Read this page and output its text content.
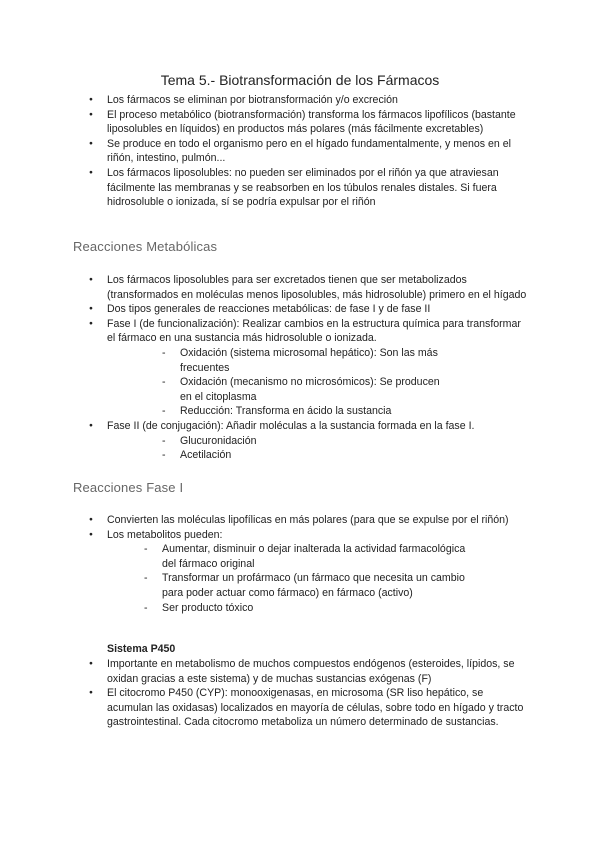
Tema 5.- Biotransformación de los Fármacos
● Los fármacos se eliminan por biotransformación y/o excreción
● El proceso metabólico (biotransformación) transforma los fármacos lipofílicos (bastante liposolubles en líquidos) en productos más polares (más fácilmente excretables)
● Se produce en todo el organismo pero en el hígado fundamentalmente, y menos en el riñón, intestino, pulmón...
● Los fármacos liposolubles: no pueden ser eliminados por el riñón ya que atraviesan fácilmente las membranas y se reabsorben en los túbulos renales distales. Si fuera hidrosoluble o ionizada, sí se podría expulsar por el riñón
Reacciones Metabólicas
● Los fármacos liposolubles para ser excretados tienen que ser metabolizados (transformados en moléculas menos liposolubles, más hidrosoluble) primero en el hígado
● Dos tipos generales de reacciones metabólicas: de fase I y de fase II
● Fase I (de funcionalización): Realizar cambios en la estructura química para transformar el fármaco en una sustancia más hidrosoluble o ionizada.
- Oxidación (sistema microsomal hepático): Son las más frecuentes
- Oxidación (mecanismo no microsómicos): Se producen en el citoplasma
- Reducción: Transforma en ácido la sustancia
● Fase II (de conjugación): Añadir moléculas a la sustancia formada en la fase I.
- Glucuronidación
- Acetilación
Reacciones Fase I
● Convierten las moléculas lipofílicas en más polares (para que se expulse por el riñón)
● Los metabolitos pueden:
- Aumentar, disminuir o dejar inalterada la actividad farmacológica del fármaco original
- Transformar un profármaco (un fármaco que necesita un cambio para poder actuar como fármaco) en fármaco (activo)
- Ser producto tóxico
Sistema P450
● Importante en metabolismo de muchos compuestos endógenos (esteroides, lípidos, se oxidan gracias a este sistema) y de muchas sustancias exógenas (F)
● El citocromo P450 (CYP): monooxigenasas, en microsoma (SR liso hepático, se acumulan las oxidasas) localizados en mayoría de células, sobre todo en hígado y tracto gastrointestinal. Cada citocromo metaboliza un número determinado de sustancias.
